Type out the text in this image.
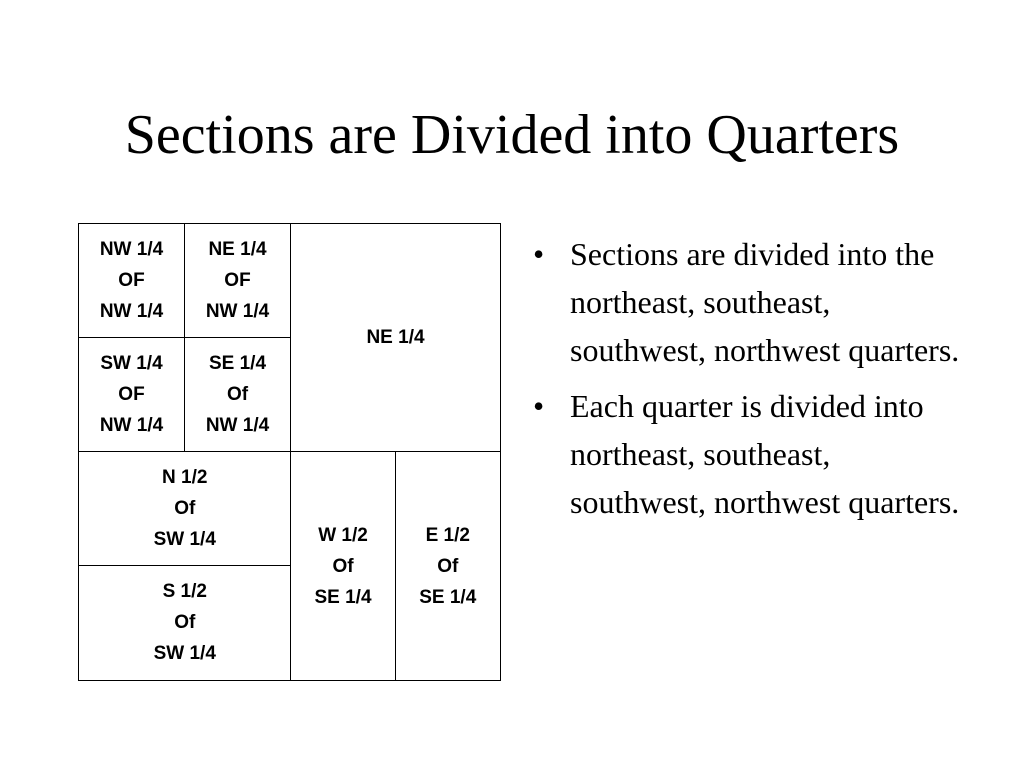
Sections are Divided into Quarters
NW 1/4
OF
NW 1/4
NE 1/4
OF
NW 1/4
SW 1/4
OF
NW 1/4
SE 1/4
Of
NW 1/4
NE 1/4
N 1/2
Of
SW 1/4
S 1/2
Of
SW 1/4
W 1/2
Of
SE 1/4
E 1/2
Of
SE 1/4
• Sections are divided into the northeast, southeast, southwest, northwest quarters.
• Each quarter is divided into northeast, southeast, southwest, northwest quarters.
